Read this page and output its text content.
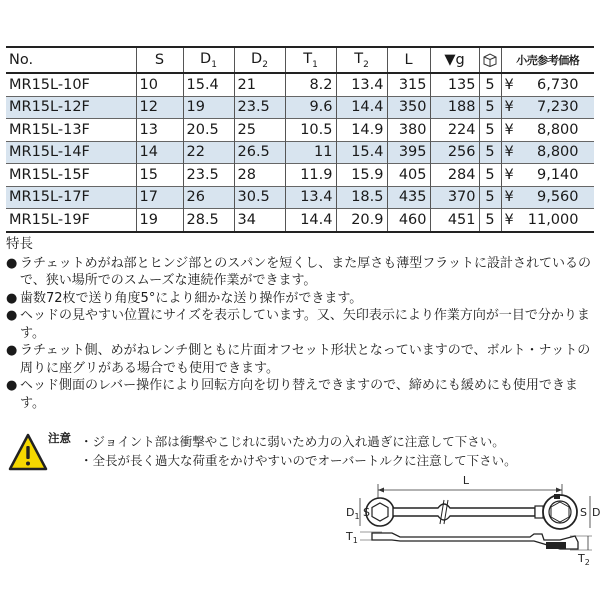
No.	S	$D_1$	$D_2$	$T_1$	$T_2$	L	▼g		小売参考価格
MR15L-10F	10	15.4	21	8.2	13.4	315	135	5	¥ 6,730
MR15L-12F	12	19	23.5	9.6	14.4	350	188	5	¥ 7,230
MR15L-13F	13	20.5	25	10.5	14.9	380	224	5	¥ 8,800
MR15L-14F	14	22	26.5	11	15.4	395	256	5	¥ 8,800
MR15L-15F	15	23.5	28	11.9	15.9	405	284	5	¥ 9,140
MR15L-17F	17	26	30.5	13.4	18.5	435	370	5	¥ 9,560
MR15L-19F	19	28.5	34	14.4	20.9	460	451	5	¥ 11,000

特長

● ラチェットめがね部とヒンジ部とのスパンを短くし、また厚さも薄型フラットに設計されているので、狭い場所でのスムーズな連続作業ができます。

● 歯数72枚で送り角度5°により細かな送り操作ができます。

● ヘッドの見やすい位置にサイズを表示しています。又、矢印表示により作業方向が一目で分かります。

● ラチェット側、めがねレンチ側ともに片面オフセット形状となっていますので、ボルト・ナットの周りに座グリがある場合でも使用できます。

● ヘッド側面のレバー操作により回転方向を切り替えできますので、締めにも緩めにも使用できます。

注意 ・ジョイント部は衝撃やこじれに弱いため力の入れ過ぎに注意して下さい。
・全長が長く過大な荷重をかけやすいのでオーバートルクに注意して下さい。
L
$D_1$ S	S D
$T_1$
$T_2$
